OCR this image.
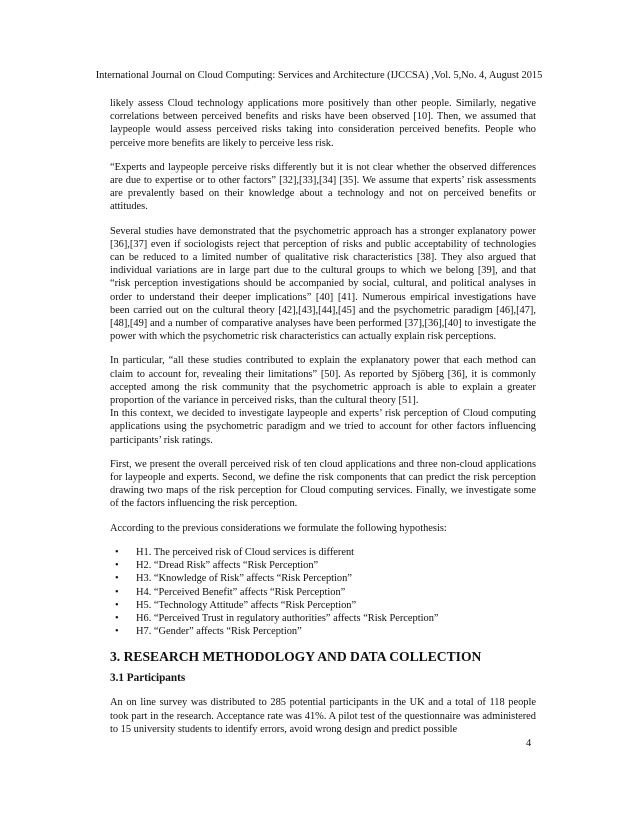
International Journal on Cloud Computing: Services and Architecture (IJCCSA) ,Vol. 5,No. 4, August 2015

likely assess Cloud technology applications more positively than other people. Similarly, negative correlations between perceived benefits and risks have been observed [10]. Then, we assumed that laypeople would assess perceived risks taking into consideration perceived benefits. People who perceive more benefits are likely to perceive less risk.

“Experts and laypeople perceive risks differently but it is not clear whether the observed differences are due to expertise or to other factors” [32],[33],[34] [35]. We assume that experts’ risk assessments are prevalently based on their knowledge about a technology and not on perceived benefits or attitudes.

Several studies have demonstrated that the psychometric approach has a stronger explanatory power [36],[37] even if sociologists reject that perception of risks and public acceptability of technologies can be reduced to a limited number of qualitative risk characteristics [38]. They also argued that individual variations are in large part due to the cultural groups to which we belong [39], and that “risk perception investigations should be accompanied by social, cultural, and political analyses in order to understand their deeper implications” [40] [41]. Numerous empirical investigations have been carried out on the cultural theory [42],[43],[44],[45] and the psychometric paradigm [46],[47],[48],[49] and a number of comparative analyses have been performed [37],[36],[40] to investigate the power with which the psychometric risk characteristics can actually explain risk perceptions.

In particular, “all these studies contributed to explain the explanatory power that each method can claim to account for, revealing their limitations” [50]. As reported by Sjöberg [36], it is commonly accepted among the risk community that the psychometric approach is able to explain a greater proportion of the variance in perceived risks, than the cultural theory [51].

In this context, we decided to investigate laypeople and experts’ risk perception of Cloud computing applications using the psychometric paradigm and we tried to account for other factors influencing participants’ risk ratings.

First, we present the overall perceived risk of ten cloud applications and three non-cloud applications for laypeople and experts. Second, we define the risk components that can predict the risk perception drawing two maps of the risk perception for Cloud computing services. Finally, we investigate some of the factors influencing the risk perception.

According to the previous considerations we formulate the following hypothesis:

• H1. The perceived risk of Cloud services is different
• H2. “Dread Risk” affects “Risk Perception”
• H3. “Knowledge of Risk” affects “Risk Perception”
• H4. “Perceived Benefit” affects “Risk Perception”
• H5. “Technology Attitude” affects “Risk Perception”
• H6. “Perceived Trust in regulatory authorities” affects “Risk Perception”
• H7. “Gender” affects “Risk Perception”
3. RESEARCH METHODOLOGY AND DATA COLLECTION
3.1 Participants

An on line survey was distributed to 285 potential participants in the UK and a total of 118 people took part in the research. Acceptance rate was 41%. A pilot test of the questionnaire was administered to 15 university students to identify errors, avoid wrong design and predict possible

4
